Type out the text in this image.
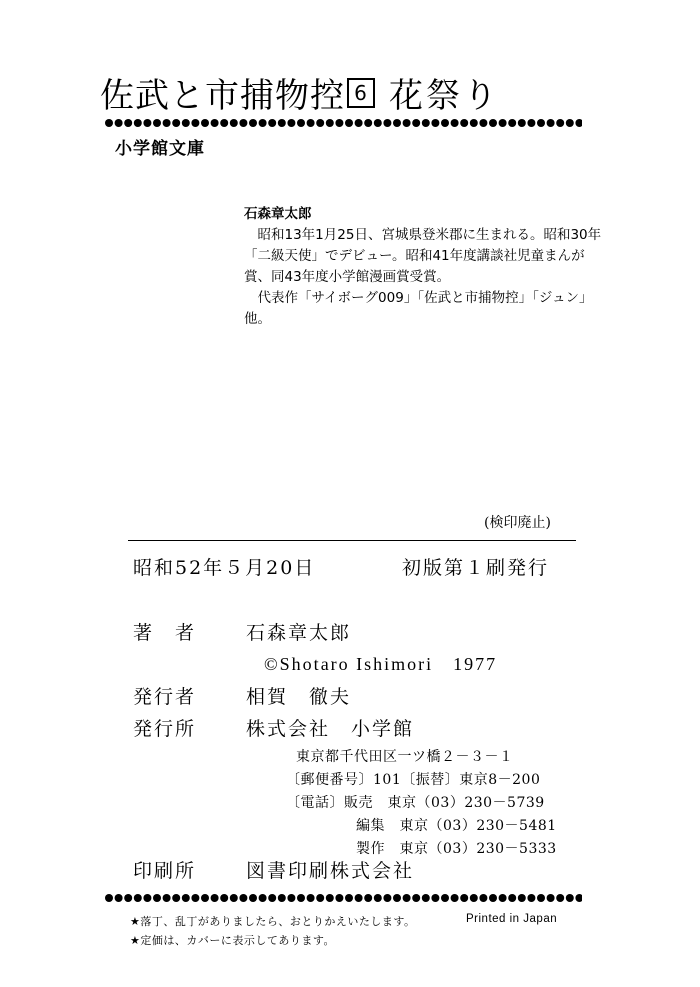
佐武と市捕物控 6 花祭り
小学館文庫

石森章太郎

昭和13年1月25日、宮城県登米郡に生まれる。昭和30年「二級天使」でデビュー。昭和41年度講談社児童まんが賞、同43年度小学館漫画賞受賞。

代表作「サイボーグ009」「佐武と市捕物控」「ジュン」他。

(検印廃止)
昭和52年５月20日	初版第１刷発行
著　者	石森章太郎
©Shotaro Ishimori　1977
発行者	相賀　徹夫
発行所	株式会社　小学館
東京都千代田区一ツ橋２－３－１
〔郵便番号〕101〔振替〕東京8－200
〔電話〕販売　東京（03）230－5739
編集　東京（03）230－5481
製作　東京（03）230－5333
印刷所	図書印刷株式会社
★落丁、乱丁がありましたら、おとりかえいたします。	Printed in Japan
★定価は、カバーに表示してあります。
